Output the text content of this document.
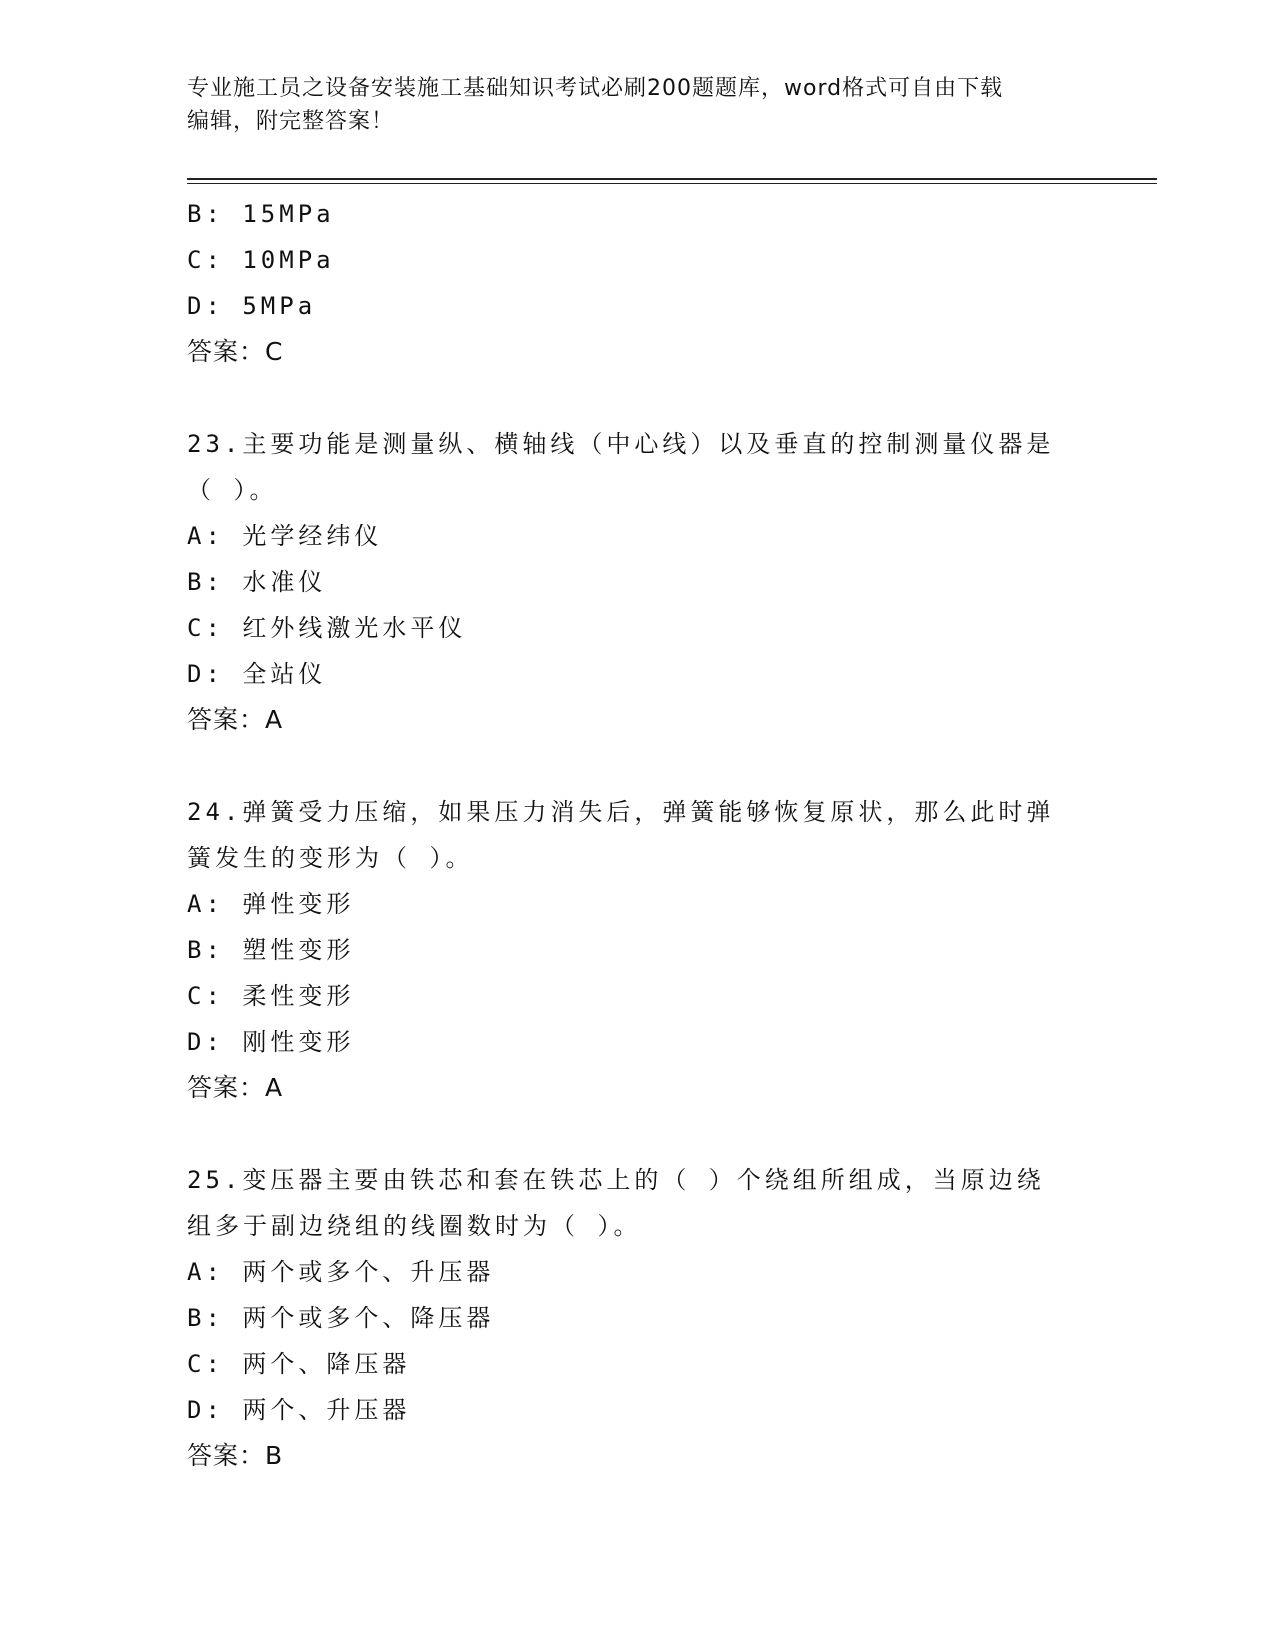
专业施工员之设备安装施工基础知识考试必刷200题题库，word格式可自由下载
编辑，附完整答案！
B: 15MPa
C: 10MPa
D: 5MPa
答案：C
23.主要功能是测量纵、横轴线（中心线）以及垂直的控制测量仪器是
（ ）。
A: 光学经纬仪
B: 水准仪
C: 红外线激光水平仪
D: 全站仪
答案：A
24.弹簧受力压缩，如果压力消失后，弹簧能够恢复原状，那么此时弹
簧发生的变形为（ ）。
A: 弹性变形
B: 塑性变形
C: 柔性变形
D: 刚性变形
答案：A
25.变压器主要由铁芯和套在铁芯上的（ ）个绕组所组成，当原边绕
组多于副边绕组的线圈数时为（ ）。
A: 两个或多个、升压器
B: 两个或多个、降压器
C: 两个、降压器
D: 两个、升压器
答案：B
